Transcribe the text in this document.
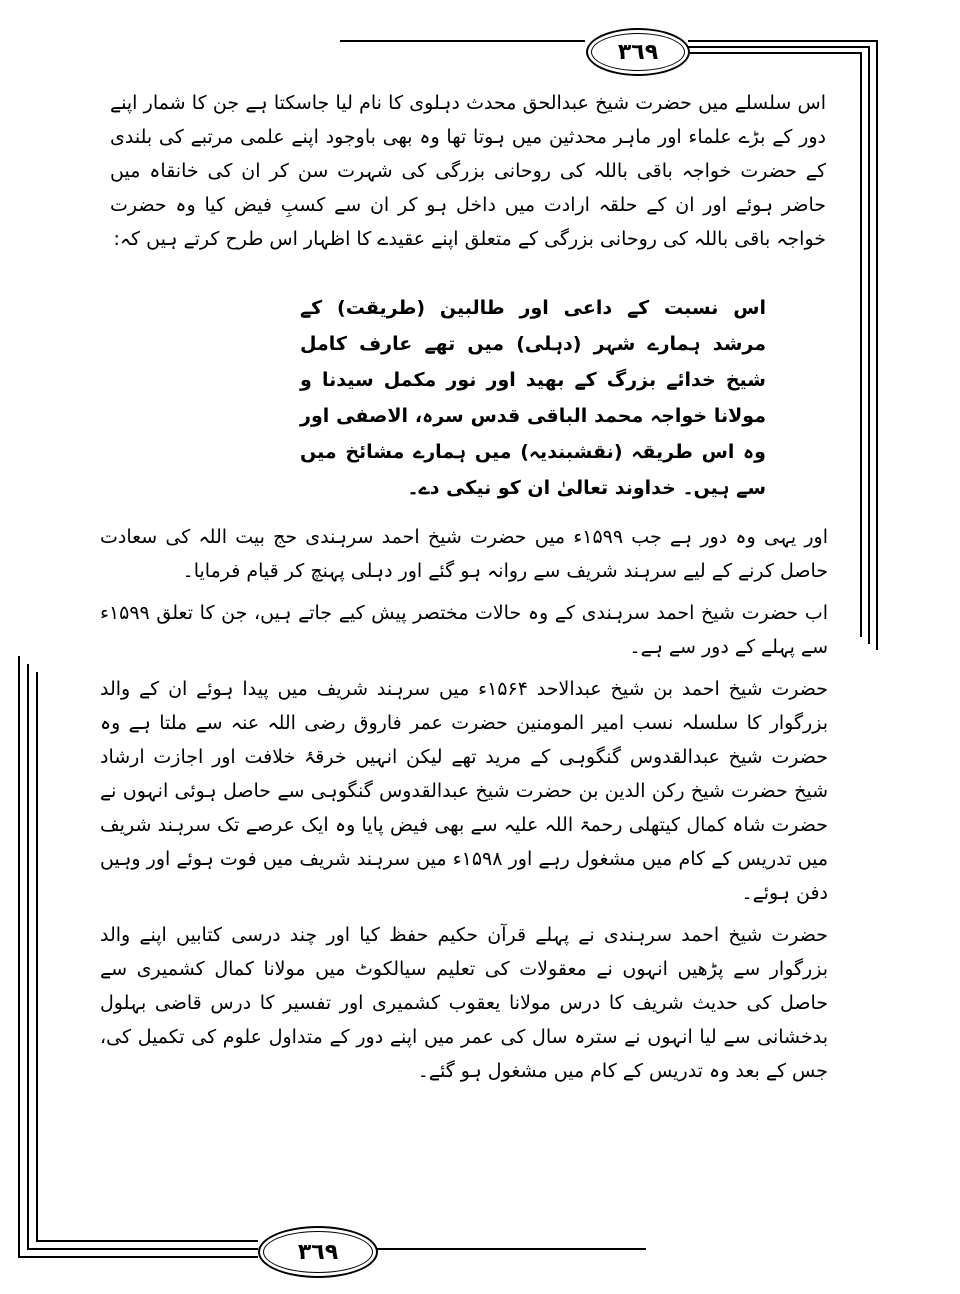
٣٦٩
٣٦٩

اس سلسلے میں حضرت شیخ عبدالحق محدث دہلوی کا نام لیا جاسکتا ہے جن کا شمار اپنے دور کے بڑے علماء اور ماہر محدثین میں ہوتا تھا وہ بھی باوجود اپنے علمی مرتبے کی بلندی کے حضرت خواجہ باقی باللہ کی روحانی بزرگی کی شہرت سن کر ان کی خانقاہ میں حاضر ہوئے اور ان کے حلقہ ارادت میں داخل ہو کر ان سے کسبِ فیض کیا وہ حضرت خواجہ باقی باللہ کی روحانی بزرگی کے متعلق اپنے عقیدے کا اظہار اس طرح کرتے ہیں کہ:

اس نسبت کے داعی اور طالبین (طریقت) کے مرشد ہمارے شہر (دہلی) میں تھے عارف کامل شیخ خدائے بزرگ کے بھید اور نور مکمل سیدنا و مولانا خواجہ محمد الباقی قدس سرہ، الاصفی اور وہ اس طریقہ (نقشبندیہ) میں ہمارے مشائخ میں سے ہیں۔ خداوند تعالیٰ ان کو نیکی دے۔

اور یہی وہ دور ہے جب ۱۵۹۹ء میں حضرت شیخ احمد سرہندی حج بیت اللہ کی سعادت حاصل کرنے کے لیے سرہند شریف سے روانہ ہو گئے اور دہلی پہنچ کر قیام فرمایا۔

اب حضرت شیخ احمد سرہندی کے وہ حالات مختصر پیش کیے جاتے ہیں، جن کا تعلق ۱۵۹۹ء سے پہلے کے دور سے ہے۔

حضرت شیخ احمد بن شیخ عبدالاحد ۱۵۶۴ء میں سرہند شریف میں پیدا ہوئے ان کے والد بزرگوار کا سلسلہ نسب امیر المومنین حضرت عمر فاروق رضی اللہ عنہ سے ملتا ہے وہ حضرت شیخ عبدالقدوس گنگوہی کے مرید تھے لیکن انہیں خرقۂ خلافت اور اجازت ارشاد شیخ حضرت شیخ رکن الدین بن حضرت شیخ عبدالقدوس گنگوہی سے حاصل ہوئی انہوں نے حضرت شاہ کمال کیتھلی رحمۃ اللہ علیہ سے بھی فیض پایا وہ ایک عرصے تک سرہند شریف میں تدریس کے کام میں مشغول رہے اور ۱۵۹۸ء میں سرہند شریف میں فوت ہوئے اور وہیں دفن ہوئے۔

حضرت شیخ احمد سرہندی نے پہلے قرآن حکیم حفظ کیا اور چند درسی کتابیں اپنے والد بزرگوار سے پڑھیں انہوں نے معقولات کی تعلیم سیالکوٹ میں مولانا کمال کشمیری سے حاصل کی حدیث شریف کا درس مولانا یعقوب کشمیری اور تفسیر کا درس قاضی بہلول بدخشانی سے لیا انہوں نے سترہ سال کی عمر میں اپنے دور کے متداول علوم کی تکمیل کی، جس کے بعد وہ تدریس کے کام میں مشغول ہو گئے۔
